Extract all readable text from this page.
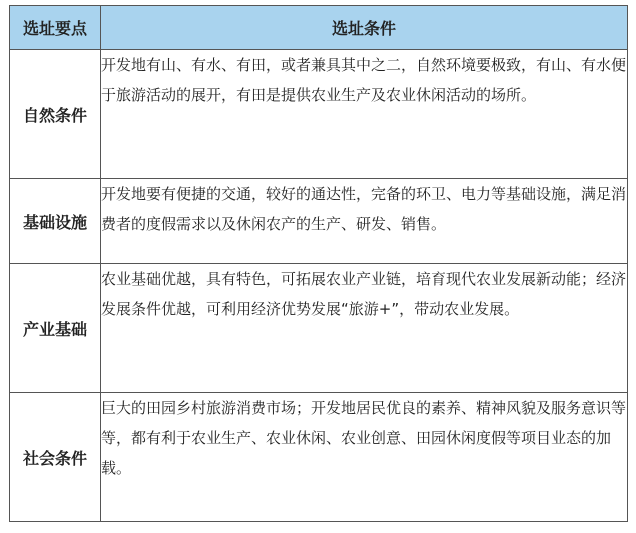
选址要点	选址条件
自然条件	开发地有山、有水、有田，或者兼具其中之二，自然环境要极致，有山、有水便于旅游活动的展开，有田是提供农业生产及农业休闲活动的场所。
基础设施	开发地要有便捷的交通，较好的通达性，完备的环卫、电力等基础设施，满足消费者的度假需求以及休闲农产的生产、研发、销售。
产业基础	农业基础优越，具有特色，可拓展农业产业链，培育现代农业发展新动能；经济发展条件优越，可利用经济优势发展“旅游+”，带动农业发展。
社会条件	巨大的田园乡村旅游消费市场；开发地居民优良的素养、精神风貌及服务意识等等，都有利于农业生产、农业休闲、农业创意、田园休闲度假等项目业态的加载。
